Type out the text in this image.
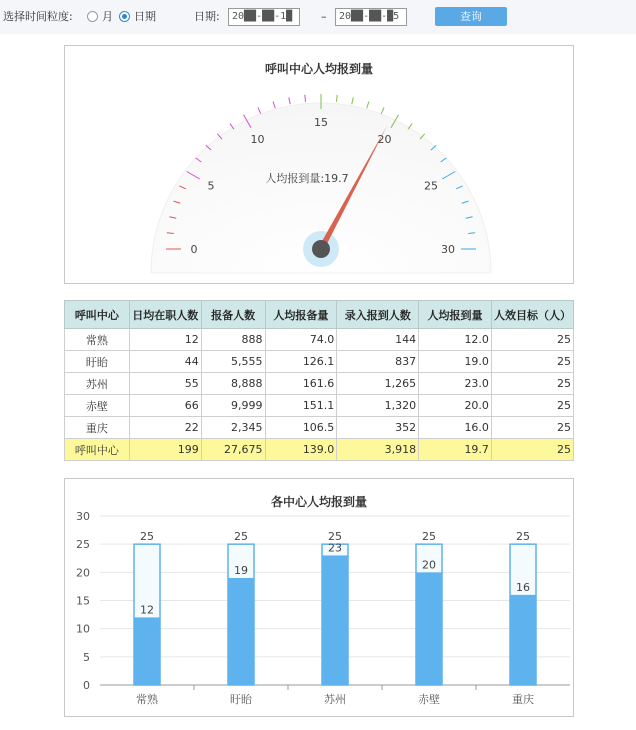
选择时间粒度:	月 日期	日期:	20██-██-1█	–	20██-██-█5	查询
呼叫中心人均报到量
0
5
10
15
20
25
30
人均报到量:19.7
呼叫中心	日均在职人数	报备人数	人均报备量	录入报到人数	人均报到量	人效目标（人）
常熟	12	888	74.0	144	12.0	25
盱眙	44	5,555	126.1	837	19.0	25
苏州	55	8,888	161.6	1,265	23.0	25
赤壁	66	9,999	151.1	1,320	20.0	25
重庆	22	2,345	106.5	352	16.0	25
呼叫中心	199	27,675	139.0	3,918	19.7	25
各中心人均报到量
0
5
10
15
20
25
30
25
12
常熟
25
19
盱眙
25
23
苏州
25
20
赤壁
25
16
重庆
